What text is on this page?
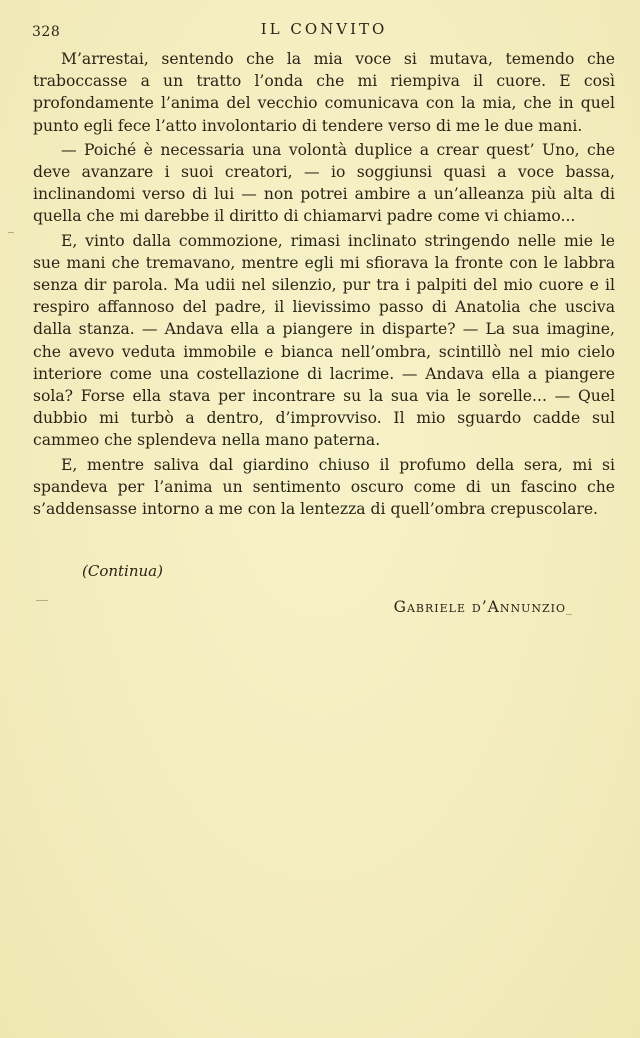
328	IL CONVITO

M’arrestai, sentendo che la mia voce si mutava, temendo che traboccasse a un tratto l’onda che mi riempiva il cuore. E così profondamente l’anima del vecchio comunicava con la mia, che in quel punto egli fece l’atto involontario di tendere verso di me le due mani.

— Poiché è necessaria una volontà duplice a crear quest’ Uno, che deve avanzare i suoi creatori, — io soggiunsi quasi a voce bassa, inclinandomi verso di lui — non potrei ambire a un’alleanza più alta di quella che mi darebbe il diritto di chiamarvi padre come vi chiamo...

E, vinto dalla commozione, rimasi inclinato stringendo nelle mie le sue mani che tremavano, mentre egli mi sfiorava la fronte con le labbra senza dir parola. Ma udii nel silenzio, pur tra i palpiti del mio cuore e il respiro affannoso del padre, il lievissimo passo di Anatolia che usciva dalla stanza. — Andava ella a piangere in disparte? — La sua imagine, che avevo veduta immobile e bianca nell’ombra, scintillò nel mio cielo interiore come una costellazione di lacrime. — Andava ella a piangere sola? Forse ella stava per incontrare su la sua via le sorelle... — Quel dubbio mi turbò a dentro, d’improvviso. Il mio sguardo cadde sul cammeo che splendeva nella mano paterna.

E, mentre saliva dal giardino chiuso il profumo della sera, mi si spandeva per l’anima un sentimento oscuro come di un fascino che s’addensasse intorno a me con la lentezza di quell’ombra crepuscolare.

(Continua)
Gabriele d’Annunzio
